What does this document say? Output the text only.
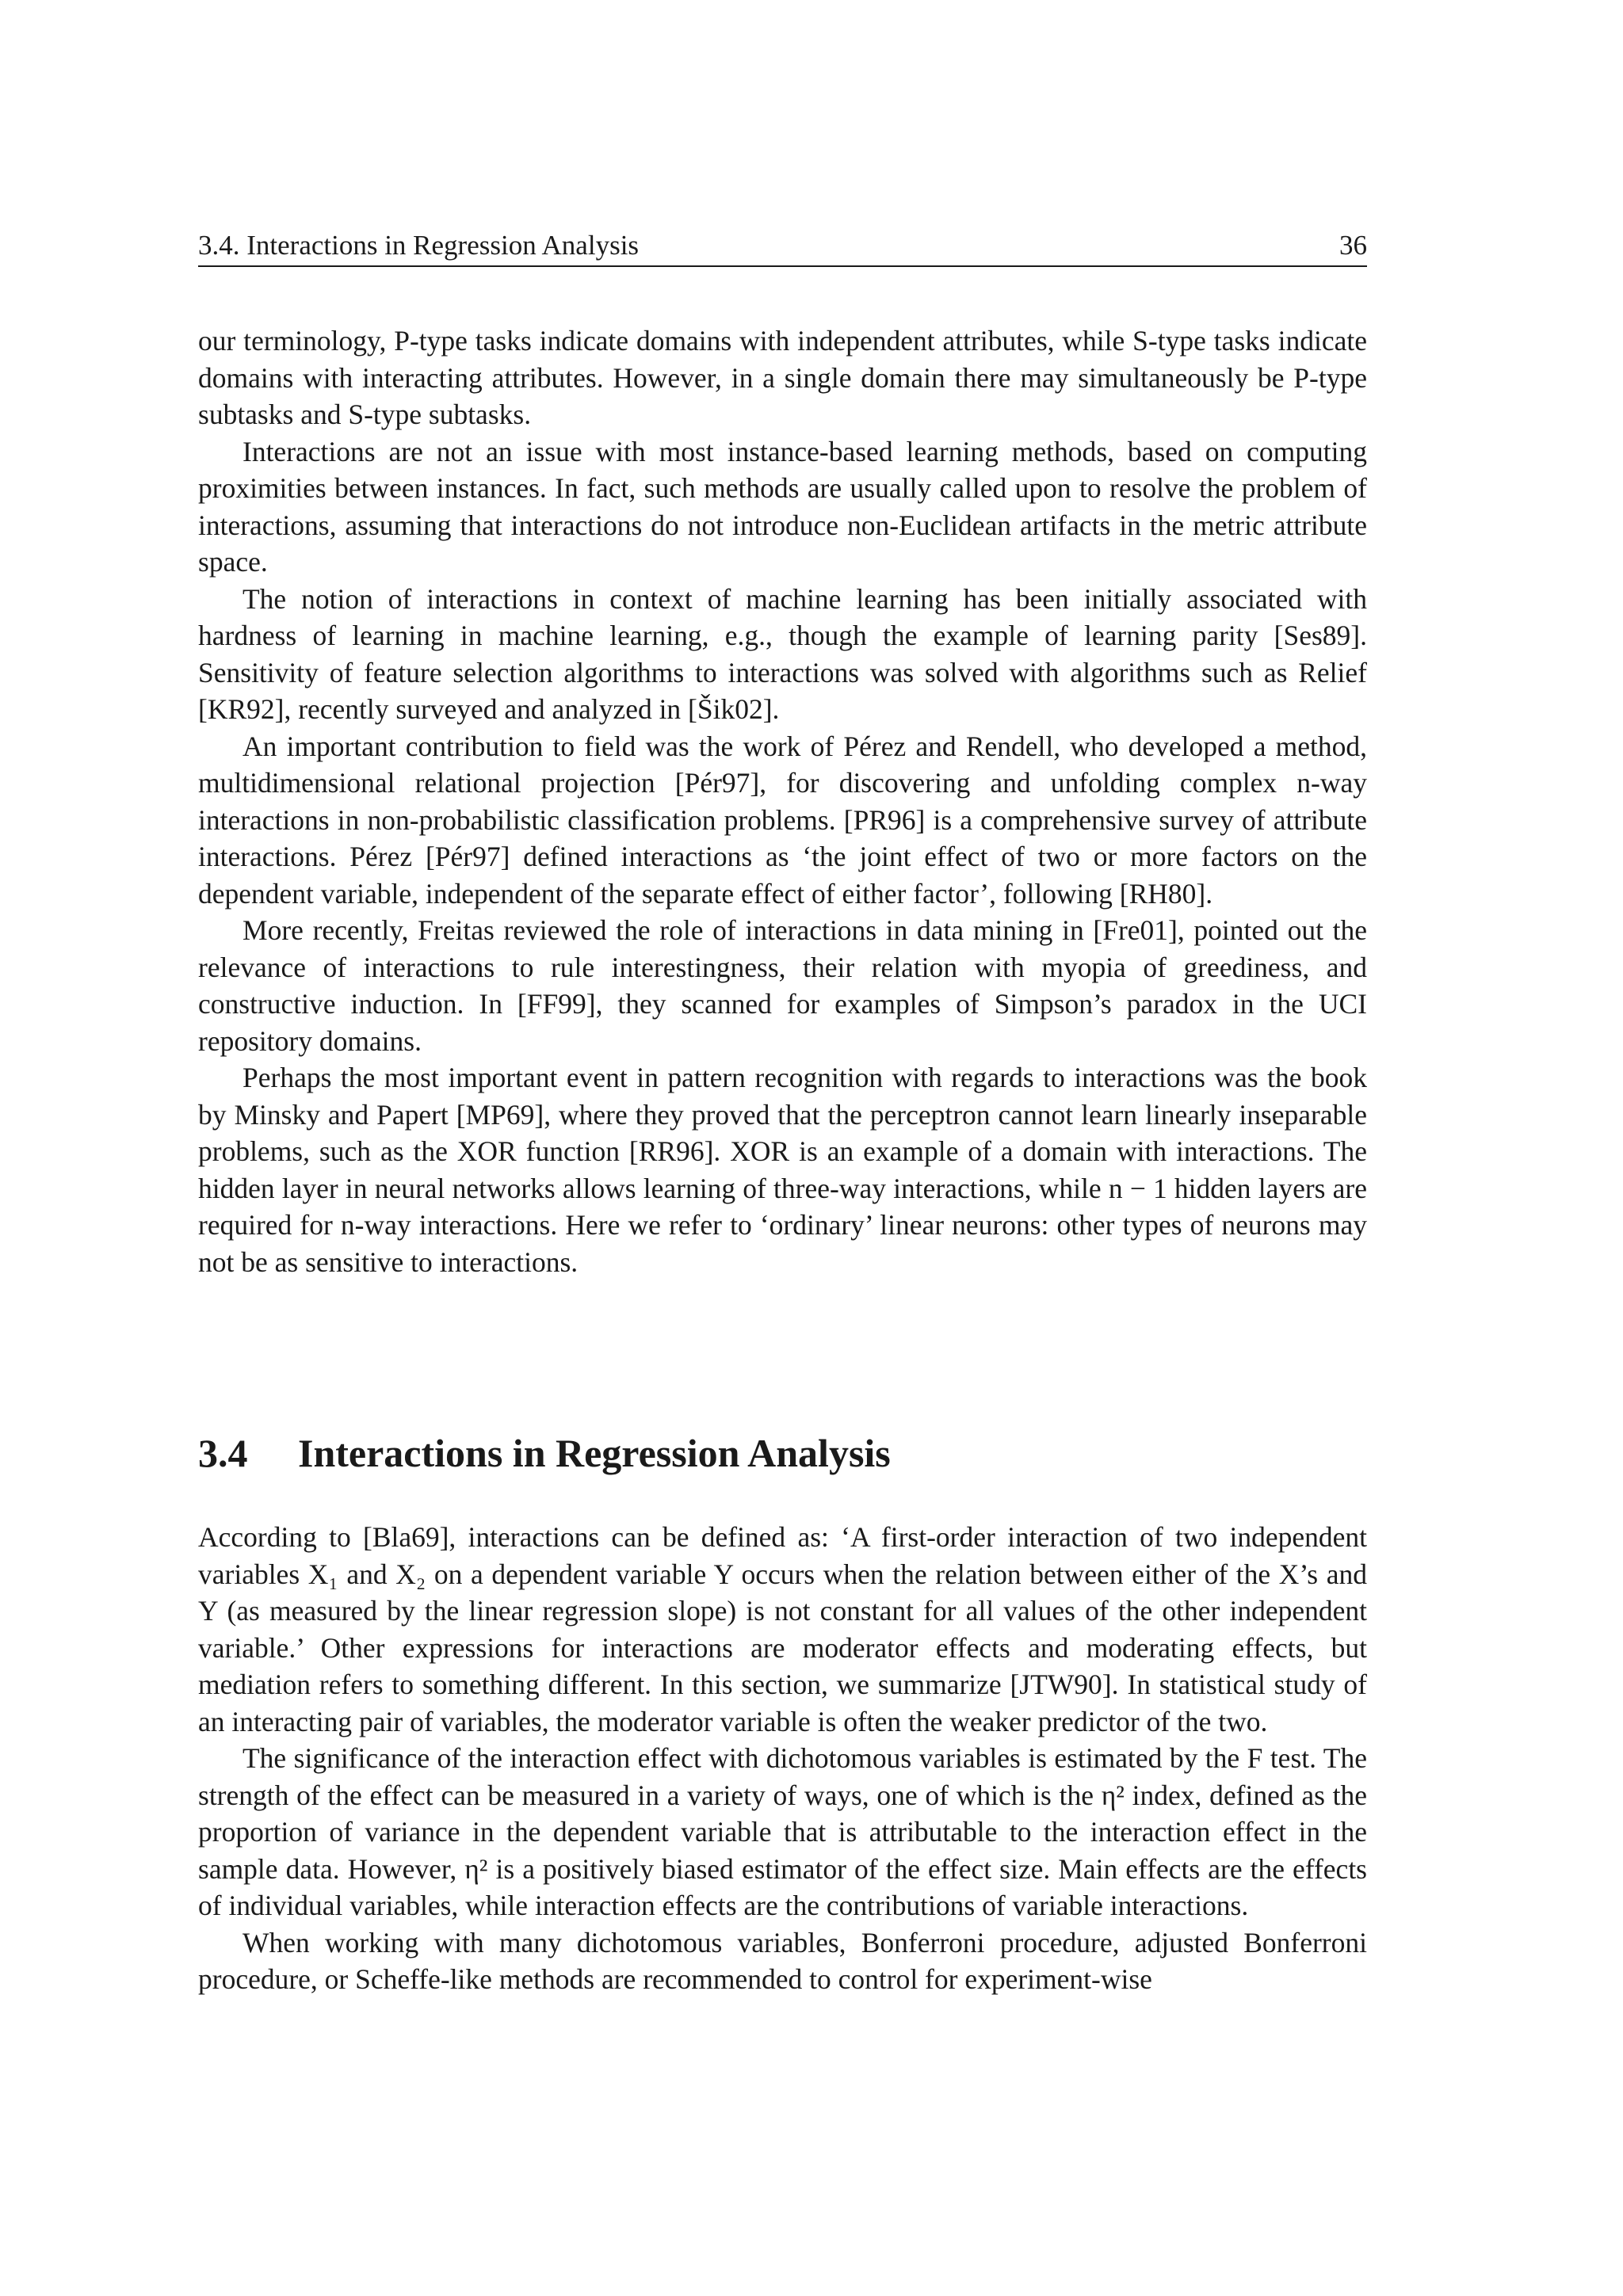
3.4. Interactions in Regression Analysis	36

our terminology, P-type tasks indicate domains with independent attributes, while S-type tasks indicate domains with interacting attributes. However, in a single domain there may simultaneously be P-type subtasks and S-type subtasks.

Interactions are not an issue with most instance-based learning methods, based on computing proximities between instances. In fact, such methods are usually called upon to resolve the problem of interactions, assuming that interactions do not introduce non-Euclidean artifacts in the metric attribute space.

The notion of interactions in context of machine learning has been initially associated with hardness of learning in machine learning, e.g., though the example of learning parity [Ses89]. Sensitivity of feature selection algorithms to interactions was solved with algorithms such as Relief [KR92], recently surveyed and analyzed in [Šik02].

An important contribution to field was the work of Pérez and Rendell, who developed a method, multidimensional relational projection [Pér97], for discovering and unfolding complex n-way interactions in non-probabilistic classification problems. [PR96] is a comprehensive survey of attribute interactions. Pérez [Pér97] defined interactions as ‘the joint effect of two or more factors on the dependent variable, independent of the separate effect of either factor’, following [RH80].

More recently, Freitas reviewed the role of interactions in data mining in [Fre01], pointed out the relevance of interactions to rule interestingness, their relation with myopia of greediness, and constructive induction. In [FF99], they scanned for examples of Simpson’s paradox in the UCI repository domains.

Perhaps the most important event in pattern recognition with regards to interactions was the book by Minsky and Papert [MP69], where they proved that the perceptron cannot learn linearly inseparable problems, such as the XOR function [RR96]. XOR is an example of a domain with interactions. The hidden layer in neural networks allows learning of three-way interactions, while n − 1 hidden layers are required for n-way interactions. Here we refer to ‘ordinary’ linear neurons: other types of neurons may not be as sensitive to interactions.

3.4 Interactions in Regression Analysis

According to [Bla69], interactions can be defined as: ‘A first-order interaction of two independent variables X₁ and X₂ on a dependent variable Y occurs when the relation between either of the X’s and Y (as measured by the linear regression slope) is not constant for all values of the other independent variable.’ Other expressions for interactions are moderator effects and moderating effects, but mediation refers to something different. In this section, we summarize [JTW90]. In statistical study of an interacting pair of variables, the moderator variable is often the weaker predictor of the two.

The significance of the interaction effect with dichotomous variables is estimated by the F test. The strength of the effect can be measured in a variety of ways, one of which is the η² index, defined as the proportion of variance in the dependent variable that is attributable to the interaction effect in the sample data. However, η² is a positively biased estimator of the effect size. Main effects are the effects of individual variables, while interaction effects are the contributions of variable interactions.

When working with many dichotomous variables, Bonferroni procedure, adjusted Bonferroni procedure, or Scheffe-like methods are recommended to control for experiment-wise
